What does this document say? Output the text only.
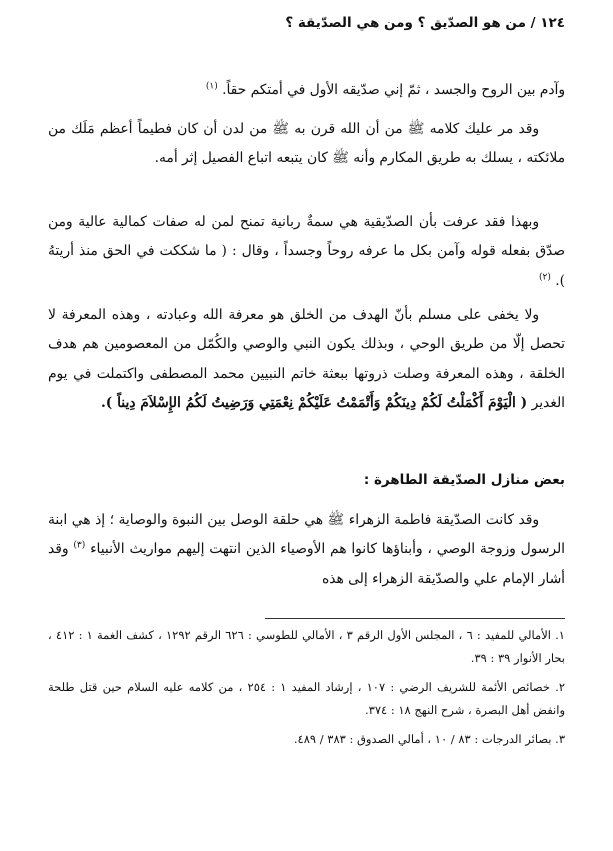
١٢٤ / من هو الصدّيق ؟ ومن هي الصدّيقة ؟

وآدم بين الروح والجسد ، ثمّ إني صدّيقه الأول في أمتكم حقاً. $^{(١)}$

وقد مر عليك كلامه ﷺ من أن الله قرن به ﷺ من لدن أن كان فطيماً أعظم مَلَك من ملائكته ، يسلك به طريق المكارم وأنه ﷺ كان يتبعه اتباع الفصيل إثر أمه.

وبهذا فقد عرفت بأن الصدّيقية هي سمةٌ ربانية تمنح لمن له صفات كمالية عالية ومن صدّق بفعله قوله وآمن بكل ما عرفه روحاً وجسداً ، وقال : ( ما شككت في الحق منذ أريتهُ ). $^{(٢)}$

ولا يخفى على مسلم بأنّ الهدف من الخلق هو معرفة الله وعبادته ، وهذه المعرفة لا تحصل إلّا من طريق الوحي ، وبذلك يكون النبي والوصي والكُمّل من المعصومين هم هدف الخلقة ، وهذه المعرفة وصلت ذروتها ببعثة خاتم النبيين محمد المصطفى واكتملت في يوم الغدير ( الْيَوْمَ أَكْمَلْتُ لَكُمْ دِينَكُمْ وَأَتْمَمْتُ عَلَيْكُمْ نِعْمَتِي وَرَضِيتُ لَكُمُ الإِسْلاَمَ دِيناً ).

بعض منازل الصدّيقة الطاهرة :

وقد كانت الصدّيقة فاطمة الزهراء ﷺ هي حلقة الوصل بين النبوة والوصاية ؛ إذ هي ابنة الرسول وزوجة الوصي ، وأبناؤها كانوا هم الأوصياء الذين انتهت إليهم مواريث الأنبياء $^{(٣)}$ وقد أشار الإمام علي والصدّيقة الزهراء إلى هذه

١. الأمالي للمفيد : ٦ ، المجلس الأول الرقم ٣ ، الأمالي للطوسي : ٦٢٦ الرقم ١٢٩٢ ، كشف الغمة ١ : ٤١٢ ، بحار الأنوار ٣٩ : ٣٩.

٢. خصائص الأئمة للشريف الرضي : ١٠٧ ، إرشاد المفيد ١ : ٢٥٤ ، من كلامه عليه السلام حين قتل طلحة وانفض أهل البصرة ، شرح النهج ١٨ : ٣٧٤.

٣. بصائر الدرجات : ٨٣ / ١٠ ، أمالي الصدوق : ٣٨٣ / ٤٨٩.
